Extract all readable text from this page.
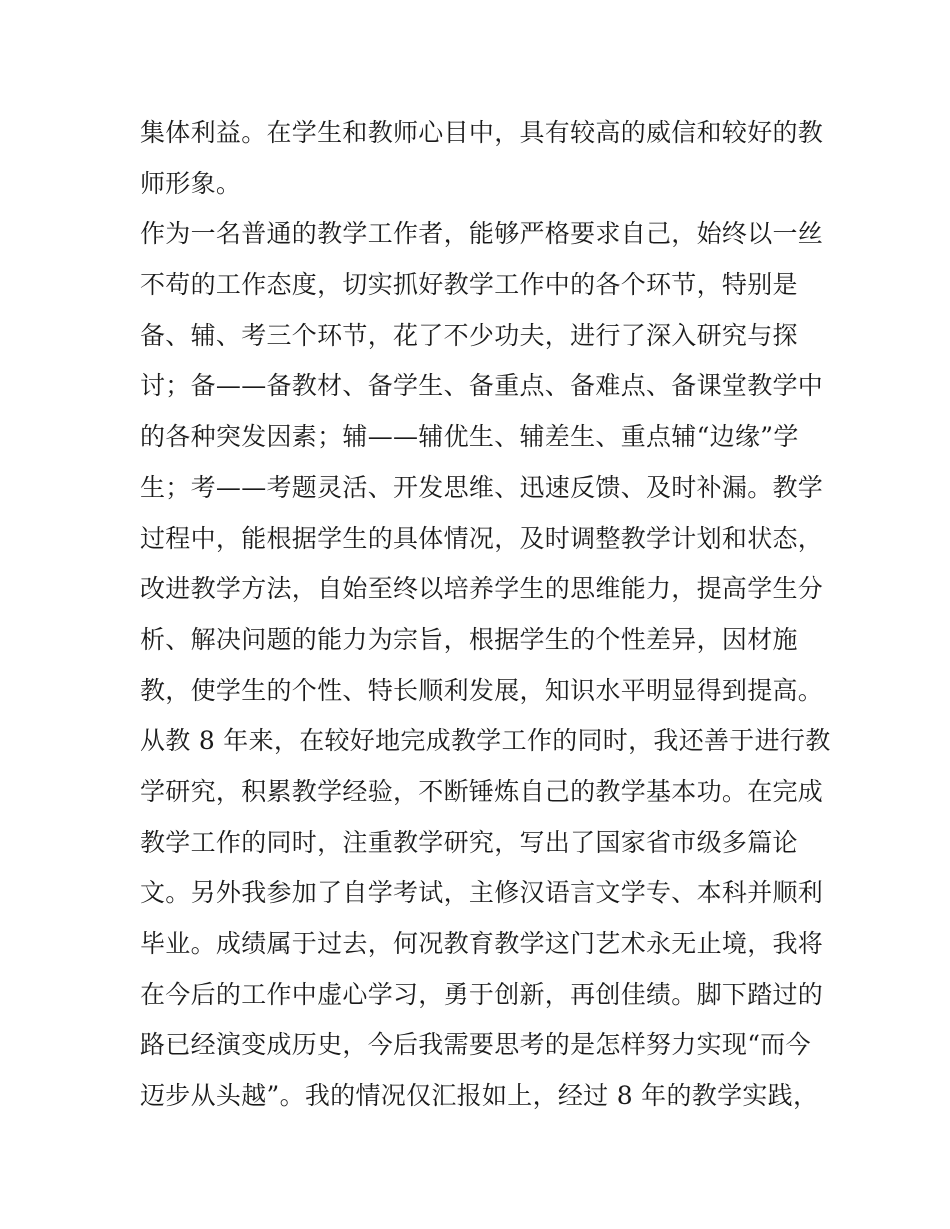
集体利益。在学生和教师心目中，具有较高的威信和较好的教
师形象。
作为一名普通的教学工作者，能够严格要求自己，始终以一丝
不苟的工作态度，切实抓好教学工作中的各个环节，特别是
备、辅、考三个环节，花了不少功夫，进行了深入研究与探
讨；备——备教材、备学生、备重点、备难点、备课堂教学中
的各种突发因素；辅——辅优生、辅差生、重点辅“边缘”学
生；考——考题灵活、开发思维、迅速反馈、及时补漏。教学
过程中，能根据学生的具体情况，及时调整教学计划和状态，
改进教学方法，自始至终以培养学生的思维能力，提高学生分
析、解决问题的能力为宗旨，根据学生的个性差异，因材施
教，使学生的个性、特长顺利发展，知识水平明显得到提高。
从教 8 年来，在较好地完成教学工作的同时，我还善于进行教
学研究，积累教学经验，不断锤炼自己的教学基本功。在完成
教学工作的同时，注重教学研究，写出了国家省市级多篇论
文。另外我参加了自学考试，主修汉语言文学专、本科并顺利
毕业。成绩属于过去，何况教育教学这门艺术永无止境，我将
在今后的工作中虚心学习，勇于创新，再创佳绩。脚下踏过的
路已经演变成历史，今后我需要思考的是怎样努力实现“而今
迈步从头越”。我的情况仅汇报如上，经过 8 年的教学实践，
